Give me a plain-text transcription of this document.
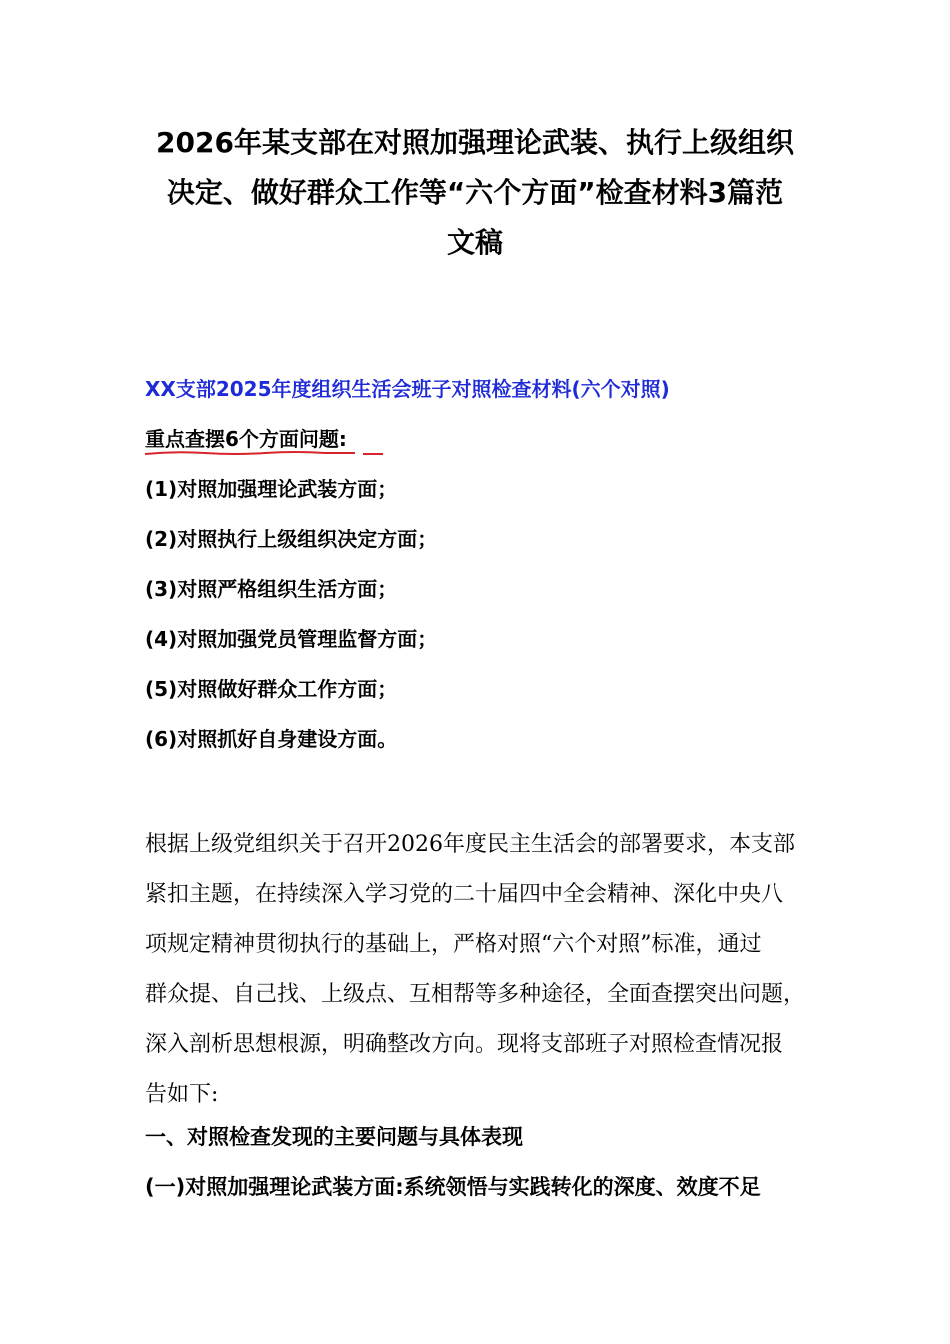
2026年某支部在对照加强理论武装、执行上级组织
决定、做好群众工作等“六个方面”检查材料3篇范
文稿
XX支部2025年度组织生活会班子对照检查材料(六个对照)
重点查摆6个方面问题:
(1)对照加强理论武装方面；
(2)对照执行上级组织决定方面；
(3)对照严格组织生活方面；
(4)对照加强党员管理监督方面；
(5)对照做好群众工作方面；
(6)对照抓好自身建设方面。
根据上级党组织关于召开2026年度民主生活会的部署要求，本支部
紧扣主题，在持续深入学习党的二十届四中全会精神、深化中央八
项规定精神贯彻执行的基础上，严格对照“六个对照”标准，通过
群众提、自己找、上级点、互相帮等多种途径，全面查摆突出问题，
深入剖析思想根源，明确整改方向。现将支部班子对照检查情况报
告如下:
一、对照检查发现的主要问题与具体表现
(一)对照加强理论武装方面:系统领悟与实践转化的深度、效度不足
